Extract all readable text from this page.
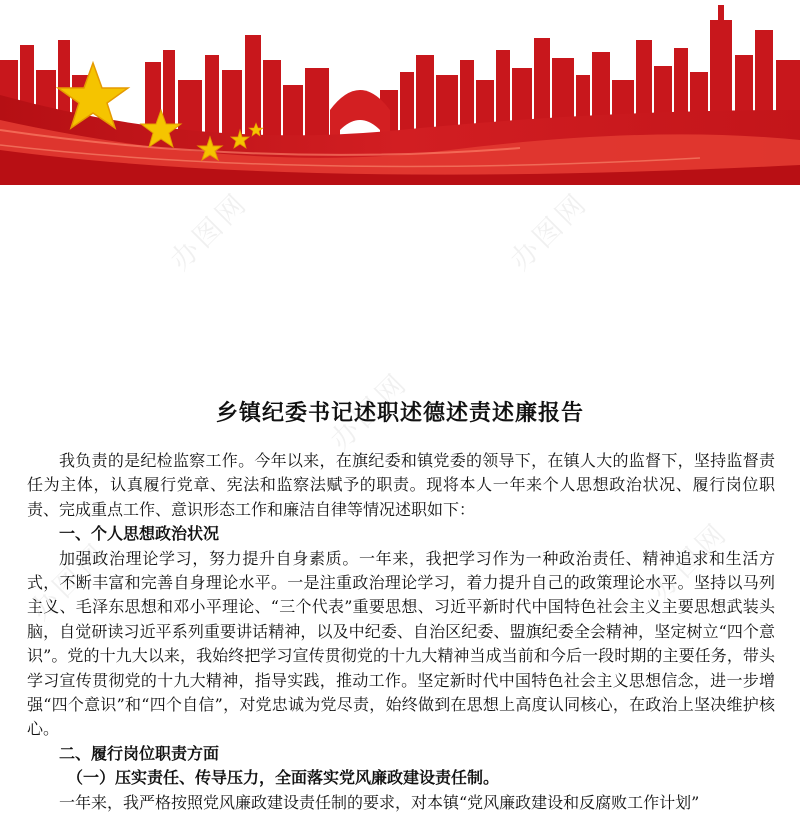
办图网	办图网
办图网
办图网
办图网
乡镇纪委书记述职述德述责述廉报告

我负责的是纪检监察工作。今年以来，在旗纪委和镇党委的领导下，在镇人大的监督下，坚持监督责任为主体，认真履行党章、宪法和监察法赋予的职责。现将本人一年来个人思想政治状况、履行岗位职责、完成重点工作、意识形态工作和廉洁自律等情况述职如下：

一、个人思想政治状况

加强政治理论学习，努力提升自身素质。一年来，我把学习作为一种政治责任、精神追求和生活方式，不断丰富和完善自身理论水平。一是注重政治理论学习，着力提升自己的政策理论水平。坚持以马列主义、毛泽东思想和邓小平理论、“三个代表”重要思想、习近平新时代中国特色社会主义主要思想武装头脑，自觉研读习近平系列重要讲话精神，以及中纪委、自治区纪委、盟旗纪委全会精神，坚定树立“四个意识”。党的十九大以来，我始终把学习宣传贯彻党的十九大精神当成当前和今后一段时期的主要任务，带头学习宣传贯彻党的十九大精神，指导实践，推动工作。坚定新时代中国特色社会主义思想信念，进一步增强“四个意识”和“四个自信”，对党忠诚为党尽责，始终做到在思想上高度认同核心，在政治上坚决维护核心。

二、履行岗位职责方面

（一）压实责任、传导压力，全面落实党风廉政建设责任制。

一年来，我严格按照党风廉政建设责任制的要求，对本镇“党风廉政建设和反腐败工作计划”
